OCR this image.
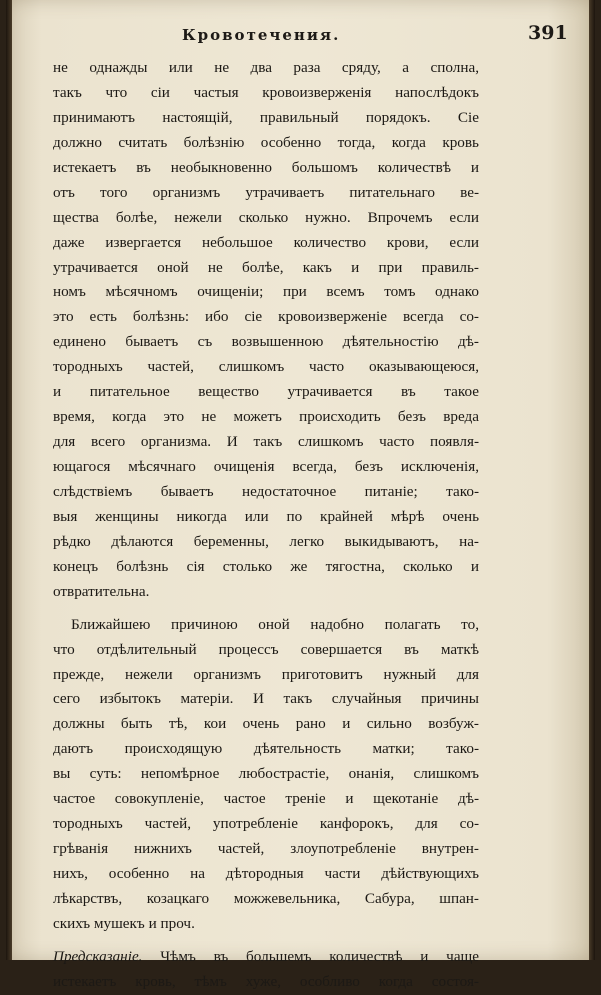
Кровотечения.	391
не однажды или не два раза сряду, а сполна,
такъ что сіи частыя кровоизверженія напослѣдокъ
принимаютъ настоящій, правильный порядокъ. Сіе
должно считать болѣзнію особенно тогда, когда кровь
истекаетъ въ необыкновенно большомъ количествѣ и
отъ того организмъ утрачиваетъ питательнаго ве-
щества болѣе, нежели сколько нужно. Впрочемъ если
даже извергается небольшое количество крови, если
утрачивается оной не болѣе, какъ и при правиль-
номъ мѣсячномъ очищеніи; при всемъ томъ однако
это есть болѣзнь: ибо сіе кровоизверженіе всегда со-
единено бываетъ съ возвышенною дѣятельностію дѣ-
тородныхъ частей, слишкомъ часто оказывающеюся,
и питательное вещество утрачивается въ такое
время, когда это не можетъ происходить безъ вреда
для всего организма. И такъ слишкомъ часто появля-
ющагося мѣсячнаго очищенія всегда, безъ исключенія,
слѣдствіемъ бываетъ недостаточное питаніе; тако-
выя женщины никогда или по крайней мѣрѣ очень
рѣдко дѣлаются беременны, легко выкидываютъ, на-
конецъ болѣзнь сія столько же тягостна, сколько и
отвратительна.
Ближайшею причиною оной надобно полагать то,
что отдѣлительный процессъ совершается въ маткѣ
прежде, нежели организмъ приготовитъ нужный для
сего избытокъ матеріи. И такъ случайныя причины
должны быть тѣ, кои очень рано и сильно возбуж-
даютъ проиcходящую дѣятельность матки; тако-
вы суть: непомѣрное любострастіе, онанія, слишкомъ
частое совокупленіе, частое треніе и щекотаніе дѣ-
тородныхъ частей, употребленіе канфорокъ, для со-
грѣванія нижнихъ частей, злоупотребленіе внутрен-
нихъ, особенно на дѣтородныя части дѣйствующихъ
лѣкарствъ, козацкаго можжевельника, Сабура, шпан-
скихъ мушекъ и проч.
Предсказаніе. Чѣмъ въ большемъ количествѣ и чаще
истекаетъ кровь, тѣмъ хуже, особливо когда состоя-
